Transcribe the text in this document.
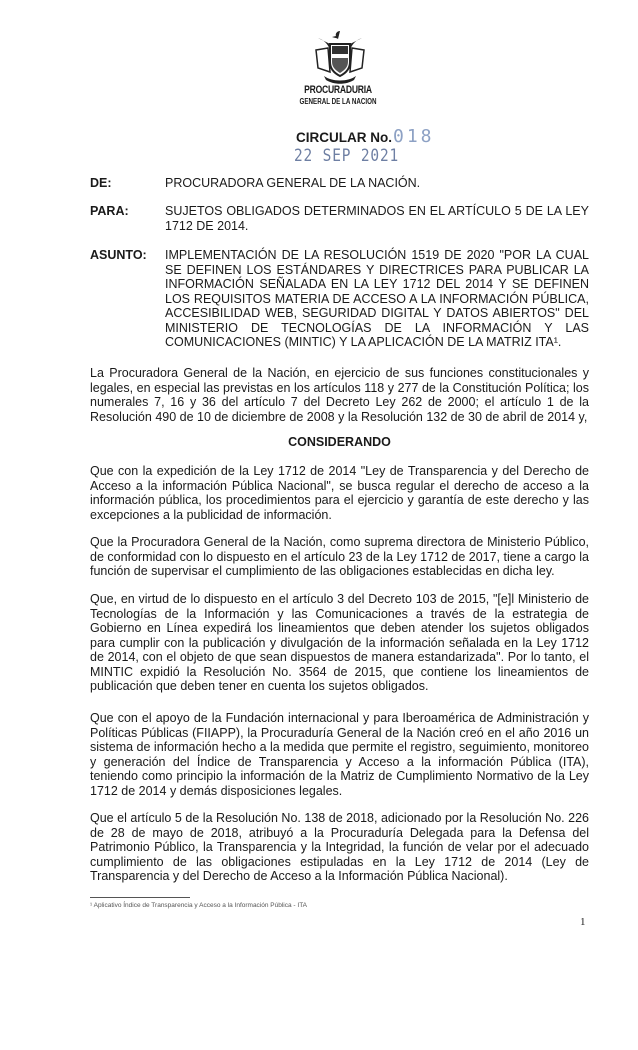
PROCURADURIA
GENERAL DE LA NACION
CIRCULAR No. 018
22 SEP 2021
DE:	PROCURADORA GENERAL DE LA NACIÓN.
PARA:	SUJETOS OBLIGADOS DETERMINADOS EN EL ARTÍCULO 5 DE LA LEY 1712 DE 2014.
ASUNTO: IMPLEMENTACIÓN DE LA RESOLUCIÓN 1519 DE 2020 "POR LA CUAL SE DEFINEN LOS ESTÁNDARES Y DIRECTRICES PARA PUBLICAR LA INFORMACIÓN SEÑALADA EN LA LEY 1712 DEL 2014 Y SE DEFINEN LOS REQUISITOS MATERIA DE ACCESO A LA INFORMACIÓN PÚBLICA, ACCESIBILIDAD WEB, SEGURIDAD DIGITAL Y DATOS ABIERTOS" DEL MINISTERIO DE TECNOLOGÍAS DE LA INFORMACIÓN Y LAS COMUNICACIONES (MINTIC) Y LA APLICACIÓN DE LA MATRIZ ITA¹.

La Procuradora General de la Nación, en ejercicio de sus funciones constitucionales y legales, en especial las previstas en los artículos 118 y 277 de la Constitución Política; los numerales 7, 16 y 36 del artículo 7 del Decreto Ley 262 de 2000; el artículo 1 de la Resolución 490 de 10 de diciembre de 2008 y la Resolución 132 de 30 de abril de 2014 y,

CONSIDERANDO

Que con la expedición de la Ley 1712 de 2014 "Ley de Transparencia y del Derecho de Acceso a la información Pública Nacional", se busca regular el derecho de acceso a la información pública, los procedimientos para el ejercicio y garantía de este derecho y las excepciones a la publicidad de información.

Que la Procuradora General de la Nación, como suprema directora de Ministerio Público, de conformidad con lo dispuesto en el artículo 23 de la Ley 1712 de 2017, tiene a cargo la función de supervisar el cumplimiento de las obligaciones establecidas en dicha ley.

Que, en virtud de lo dispuesto en el artículo 3 del Decreto 103 de 2015, "[e]l Ministerio de Tecnologías de la Información y las Comunicaciones a través de la estrategia de Gobierno en Línea expedirá los lineamientos que deben atender los sujetos obligados para cumplir con la publicación y divulgación de la información señalada en la Ley 1712 de 2014, con el objeto de que sean dispuestos de manera estandarizada". Por lo tanto, el MINTIC expidió la Resolución No. 3564 de 2015, que contiene los lineamientos de publicación que deben tener en cuenta los sujetos obligados.

Que con el apoyo de la Fundación internacional y para Iberoamérica de Administración y Políticas Públicas (FIIAPP), la Procuraduría General de la Nación creó en el año 2016 un sistema de información hecho a la medida que permite el registro, seguimiento, monitoreo y generación del Índice de Transparencia y Acceso a la información Pública (ITA), teniendo como principio la información de la Matriz de Cumplimiento Normativo de la Ley 1712 de 2014 y demás disposiciones legales.

Que el artículo 5 de la Resolución No. 138 de 2018, adicionado por la Resolución No. 226 de 28 de mayo de 2018, atribuyó a la Procuraduría Delegada para la Defensa del Patrimonio Público, la Transparencia y la Integridad, la función de velar por el adecuado cumplimiento de las obligaciones estipuladas en la Ley 1712 de 2014 (Ley de Transparencia y del Derecho de Acceso a la Información Pública Nacional).

¹ Aplicativo Índice de Transparencia y Acceso a la Información Pública - ITA
1
